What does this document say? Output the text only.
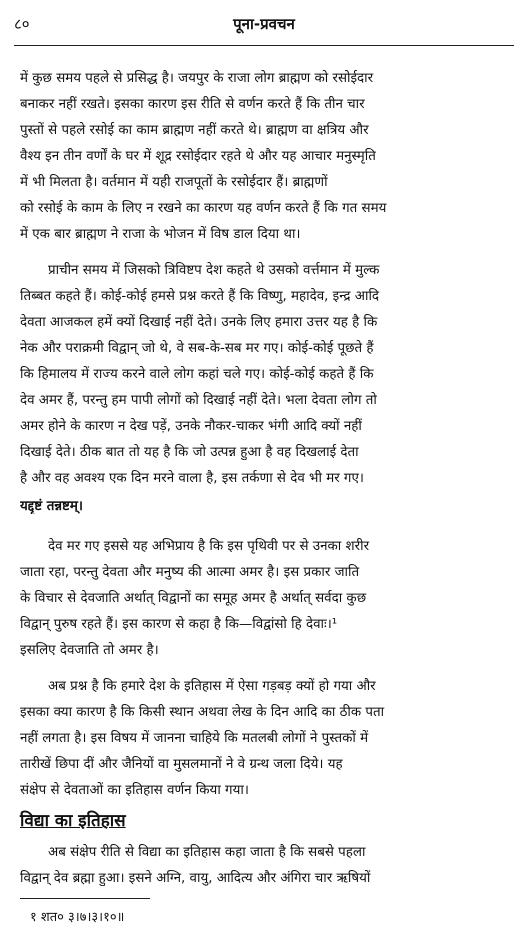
८०	पूना-प्रवचन
में कुछ समय पहले से प्रसिद्ध है। जयपुर के राजा लोग ब्राह्मण को रसोईदार
बनाकर नहीं रखते। इसका कारण इस रीति से वर्णन करते हैं कि तीन चार
पुस्तों से पहले रसोई का काम ब्राह्मण नहीं करते थे। ब्राह्मण वा क्षत्रिय और
वैश्य इन तीन वर्णों के घर में शूद्र रसोईदार रहते थे और यह आचार मनुस्मृति
में भी मिलता है। वर्तमान में यही राजपूतों के रसोईदार हैं। ब्राह्मणों
को रसोई के काम के लिए न रखने का कारण यह वर्णन करते हैं कि गत समय
में एक बार ब्राह्मण ने राजा के भोजन में विष डाल दिया था।
प्राचीन समय में जिसको त्रिविष्टप देश कहते थे उसको वर्त्तमान में मुल्क
तिब्बत कहते हैं। कोई-कोई हमसे प्रश्न करते हैं कि विष्णु, महादेव, इन्द्र आदि
देवता आजकल हमें क्यों दिखाई नहीं देते। उनके लिए हमारा उत्तर यह है कि
नेक और पराक्रमी विद्वान् जो थे, वे सब-के-सब मर गए। कोई-कोई पूछते हैं
कि हिमालय में राज्य करने वाले लोग कहां चले गए। कोई-कोई कहते हैं कि
देव अमर हैं, परन्तु हम पापी लोगों को दिखाई नहीं देते। भला देवता लोग तो
अमर होने के कारण न देख पड़ें, उनके नौकर-चाकर भंगी आदि क्यों नहीं
दिखाई देते। ठीक बात तो यह है कि जो उत्पन्न हुआ है वह दिखलाई देता
है और वह अवश्य एक दिन मरने वाला है, इस तर्कणा से देव भी मर गए।
यद्दृष्टं तन्नष्टम्।
देव मर गए इससे यह अभिप्राय है कि इस पृथिवी पर से उनका शरीर
जाता रहा, परन्तु देवता और मनुष्य की आत्मा अमर है। इस प्रकार जाति
के विचार से देवजाति अर्थात् विद्वानों का समूह अमर है अर्थात् सर्वदा कुछ
विद्वान् पुरुष रहते हैं। इस कारण से कहा है कि—विद्वांसो हि देवाः।¹
इसलिए देवजाति तो अमर है।
अब प्रश्न है कि हमारे देश के इतिहास में ऐसा गड़बड़ क्यों हो गया और
इसका क्या कारण है कि किसी स्थान अथवा लेख के दिन आदि का ठीक पता
नहीं लगता है। इस विषय में जानना चाहिये कि मतलबी लोगों ने पुस्तकों में
तारीखें छिपा दीं और जैनियों वा मुसलमानों ने वे ग्रन्थ जला दिये। यह
संक्षेप से देवताओं का इतिहास वर्णन किया गया।
विद्या का इतिहास
अब संक्षेप रीति से विद्या का इतिहास कहा जाता है कि सबसे पहला
विद्वान् देव ब्रह्मा हुआ। इसने अग्नि, वायु, आदित्य और अंगिरा चार ऋषियों
१ शत० ३।७।३।१०॥
